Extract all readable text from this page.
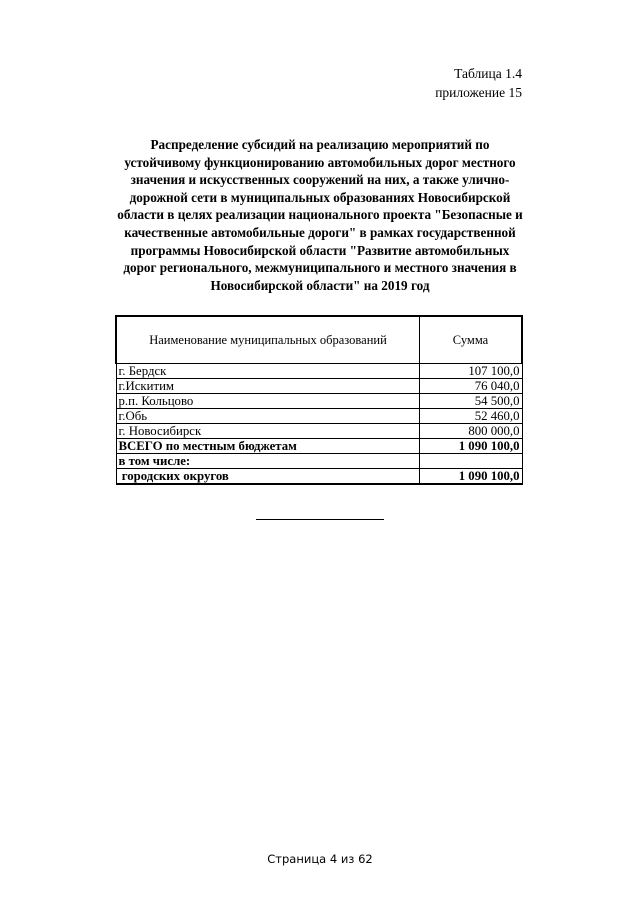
Таблица 1.4
приложение 15
Распределение субсидий на реализацию мероприятий по
устойчивому функционированию автомобильных дорог местного
значения и искусственных сооружений на них, а также улично-
дорожной сети в муниципальных образованиях Новосибирской
области в целях реализации национального проекта "Безопасные и
качественные автомобильные дороги" в рамках государственной
программы Новосибирской области "Развитие автомобильных
дорог регионального, межмуниципального и местного значения в
Новосибирской области" на 2019 год
Наименование муниципальных образований	Сумма
г. Бердск	107 100,0
г.Искитим	76 040,0
р.п. Кольцово	54 500,0
г.Обь	52 460,0
г. Новосибирск	800 000,0
ВСЕГО по местным бюджетам	1 090 100,0
в том числе:	
городских округов	1 090 100,0
Страница 4 из 62
